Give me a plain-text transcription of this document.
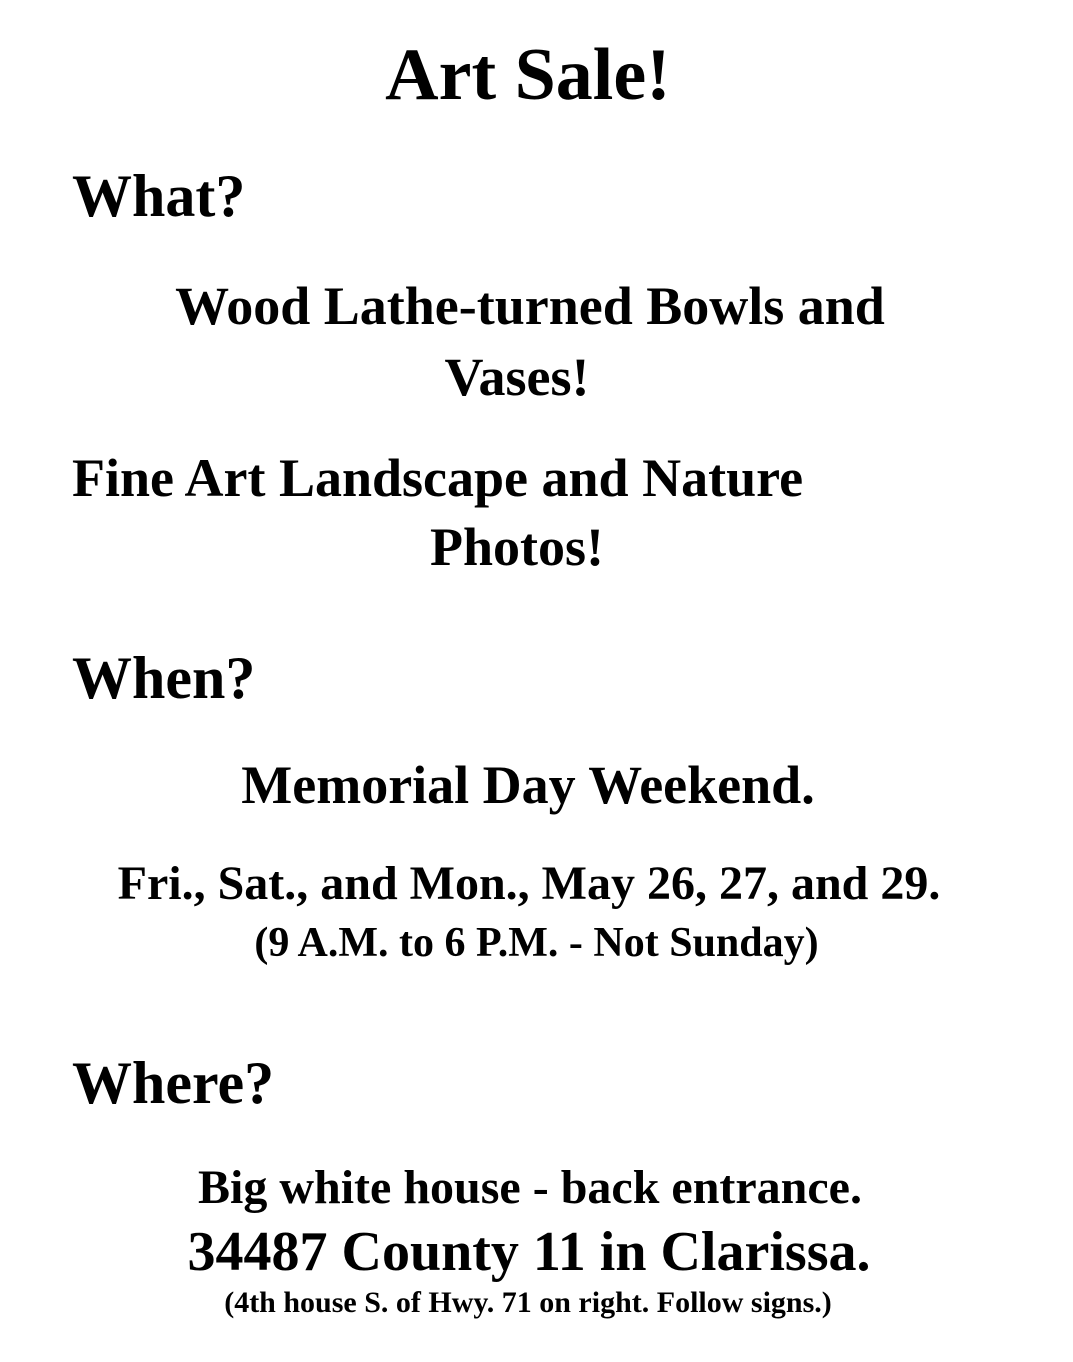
Art Sale!
What?
Wood Lathe-turned Bowls and
Vases!
Fine Art Landscape and Nature
Photos!
When?
Memorial Day Weekend.
Fri., Sat., and Mon., May 26, 27, and 29.
(9 A.M. to 6 P.M. - Not Sunday)
Where?
Big white house - back entrance.
34487 County 11 in Clarissa.
(4th house S. of Hwy. 71 on right. Follow signs.)
